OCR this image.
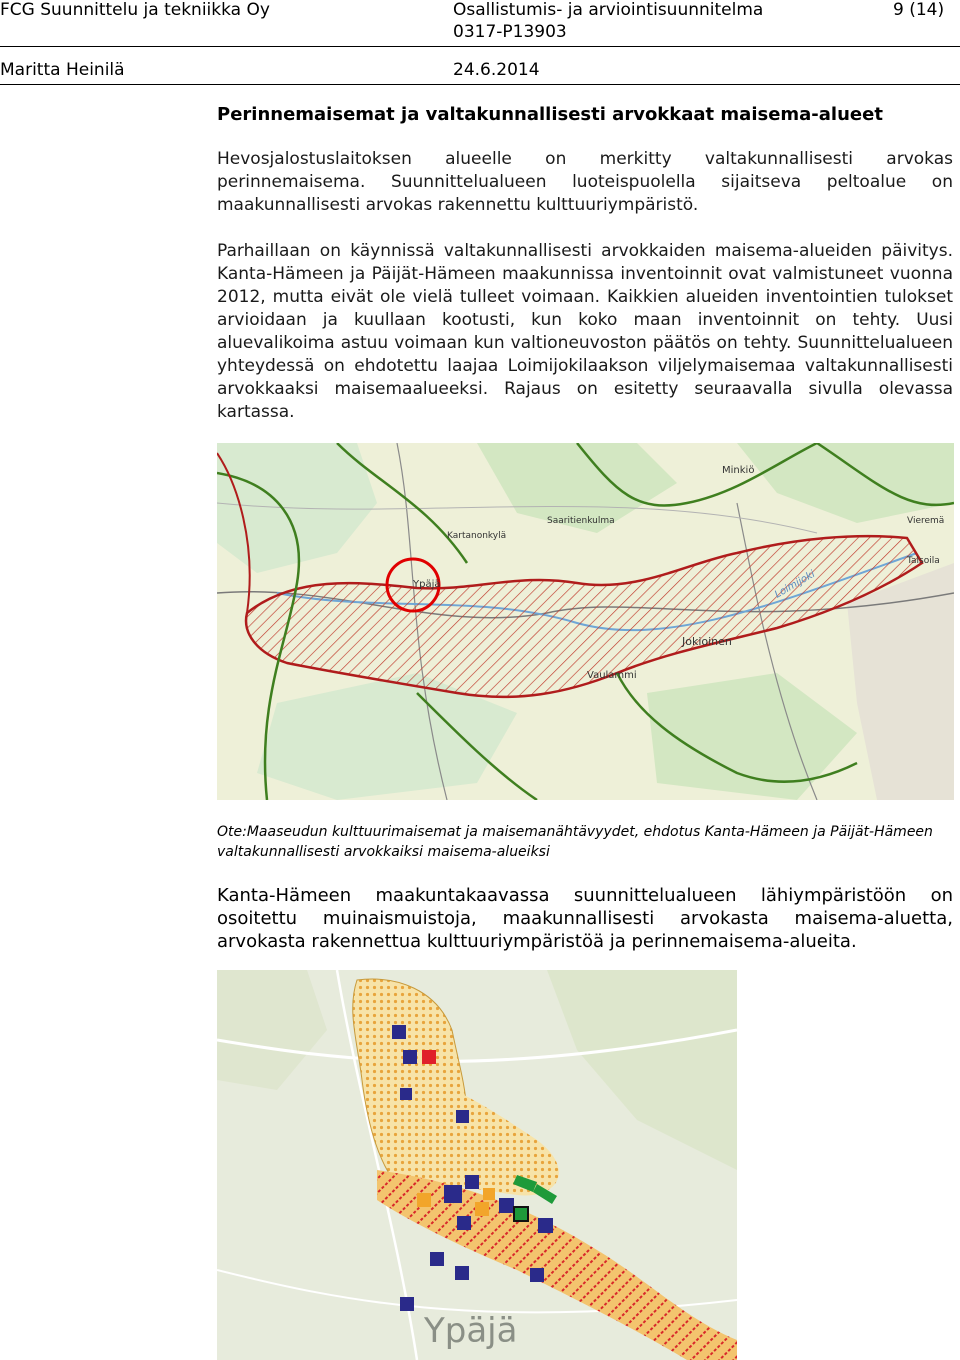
FCG Suunnittelu ja tekniikka Oy	Osallistumis- ja arviointisuunnitelma
0317-P13903
9 (14)
Maritta Heinilä	24.6.2014
Perinnemaisemat ja valtakunnallisesti arvokkaat maisema-alueet
Hevosjalostuslaitoksen alueelle on merkitty valtakunnallisesti arvokas perinnemaisema. Suunnittelualueen luoteispuolella sijaitseva peltoalue on maakunnallisesti arvokas rakennettu kulttuuriympäristö.
Parhaillaan on käynnissä valtakunnallisesti arvokkaiden maisema-alueiden päivitys. Kanta-Hämeen ja Päijät-Hämeen maakunnissa inventoinnit ovat valmistuneet vuonna 2012, mutta eivät ole vielä tulleet voimaan. Kaikkien alueiden inventointien tulokset arvioidaan ja kuullaan kootusti, kun koko maan inventoinnit on tehty. Uusi aluevalikoima astuu voimaan kun valtioneuvoston päätös on tehty. Suunnittelualueen yhteydessä on ehdotettu laajaa Loimijokilaakson viljelymaisemaa valtakunnallisesti arvokkaaksi maisemaalueeksi. Rajaus on esitetty seuraavalla sivulla olevassa kartassa.
Ypäjä
Jokioinen
Minkiö
Vieremä
Talsoila
Vaulammi
Saaritienkulma
Kartanonkylä
Loimijoki
Ote:Maaseudun kulttuurimaisemat ja maisemanähtävyydet, ehdotus Kanta-Hämeen ja Päijät-Hämeen valtakunnallisesti arvokkaiksi maisema-alueiksi
Kanta-Hämeen maakuntakaavassa suunnittelualueen lähiympäristöön on osoitettu muinaismuistoja, maakunnallisesti arvokasta maisema-aluetta, arvokasta rakennettua kulttuuriympäristöä ja perinnemaisema-alueita.
Ypäjä
